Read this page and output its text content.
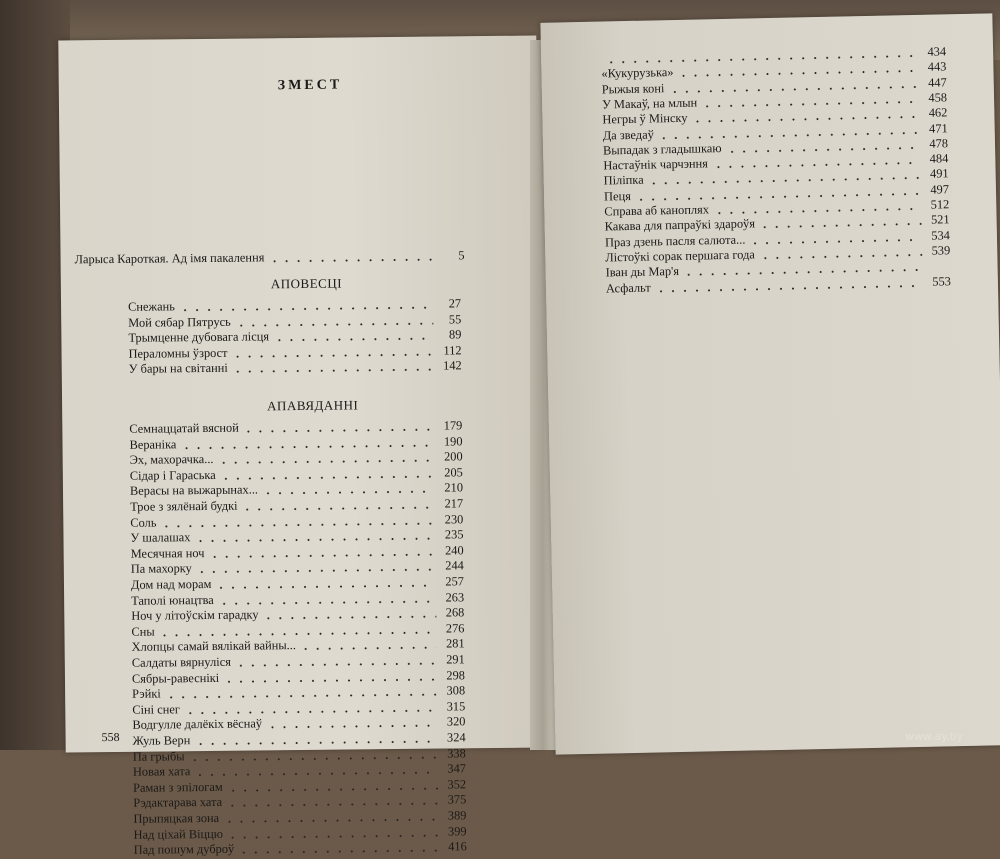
ЗМЕСТ
Ларыса Кароткая. Ад імя пакалення	5
АПОВЕСЦІ
Снежань	27
Мой сябар Пятрусь	55
Трымценне дубовага лісця	89
Пераломны ўзрост	112
У бары на світанні	142
АПАВЯДАННІ
Семнаццатай вясной	179
Вераніка	190
Эх, махорачка...	200
Сідар і Гараська	205
Верасы на выжарынах...	210
Трое з зялёнай будкі	217
Соль	230
У шалашах	235
Месячная ноч	240
Па махорку	244
Дом над морам	257
Таполі юнацтва	263
Ноч у літоўскім гарадку	268
Сны	276
Хлопцы самай вялікай вайны...	281
Салдаты вярнуліся	291
Сябры-равеснікі	298
Рэйкі	308
Сіні снег	315
Водгулле далёкіх вёснаў	320
Жуль Верн	324
Па грыбы	338
Новая хата	347
Раман з эпілогам	352
Рэдактарава хата	375
Прыпяцкая зона	389
Над ціхай Віццю	399
Пад пошум дуброў	416
558
434
«Кукурузька»	443
Рыжыя коні	447
У Макаў, на млын	458
Негры ў Мінску	462
Да зведаў	471
Выпадак з гладышкаю	478
Настаўнік чарчэння	484
Піліпка	491
Пеця	497
Справа аб каноплях	512
Какава для папраўкі здароўя	521
Праз дзень пасля салюта...	534
Лістоўкі сорак першага года	539
Іван ды Мар'я
Асфальт	553
www.ay.by
